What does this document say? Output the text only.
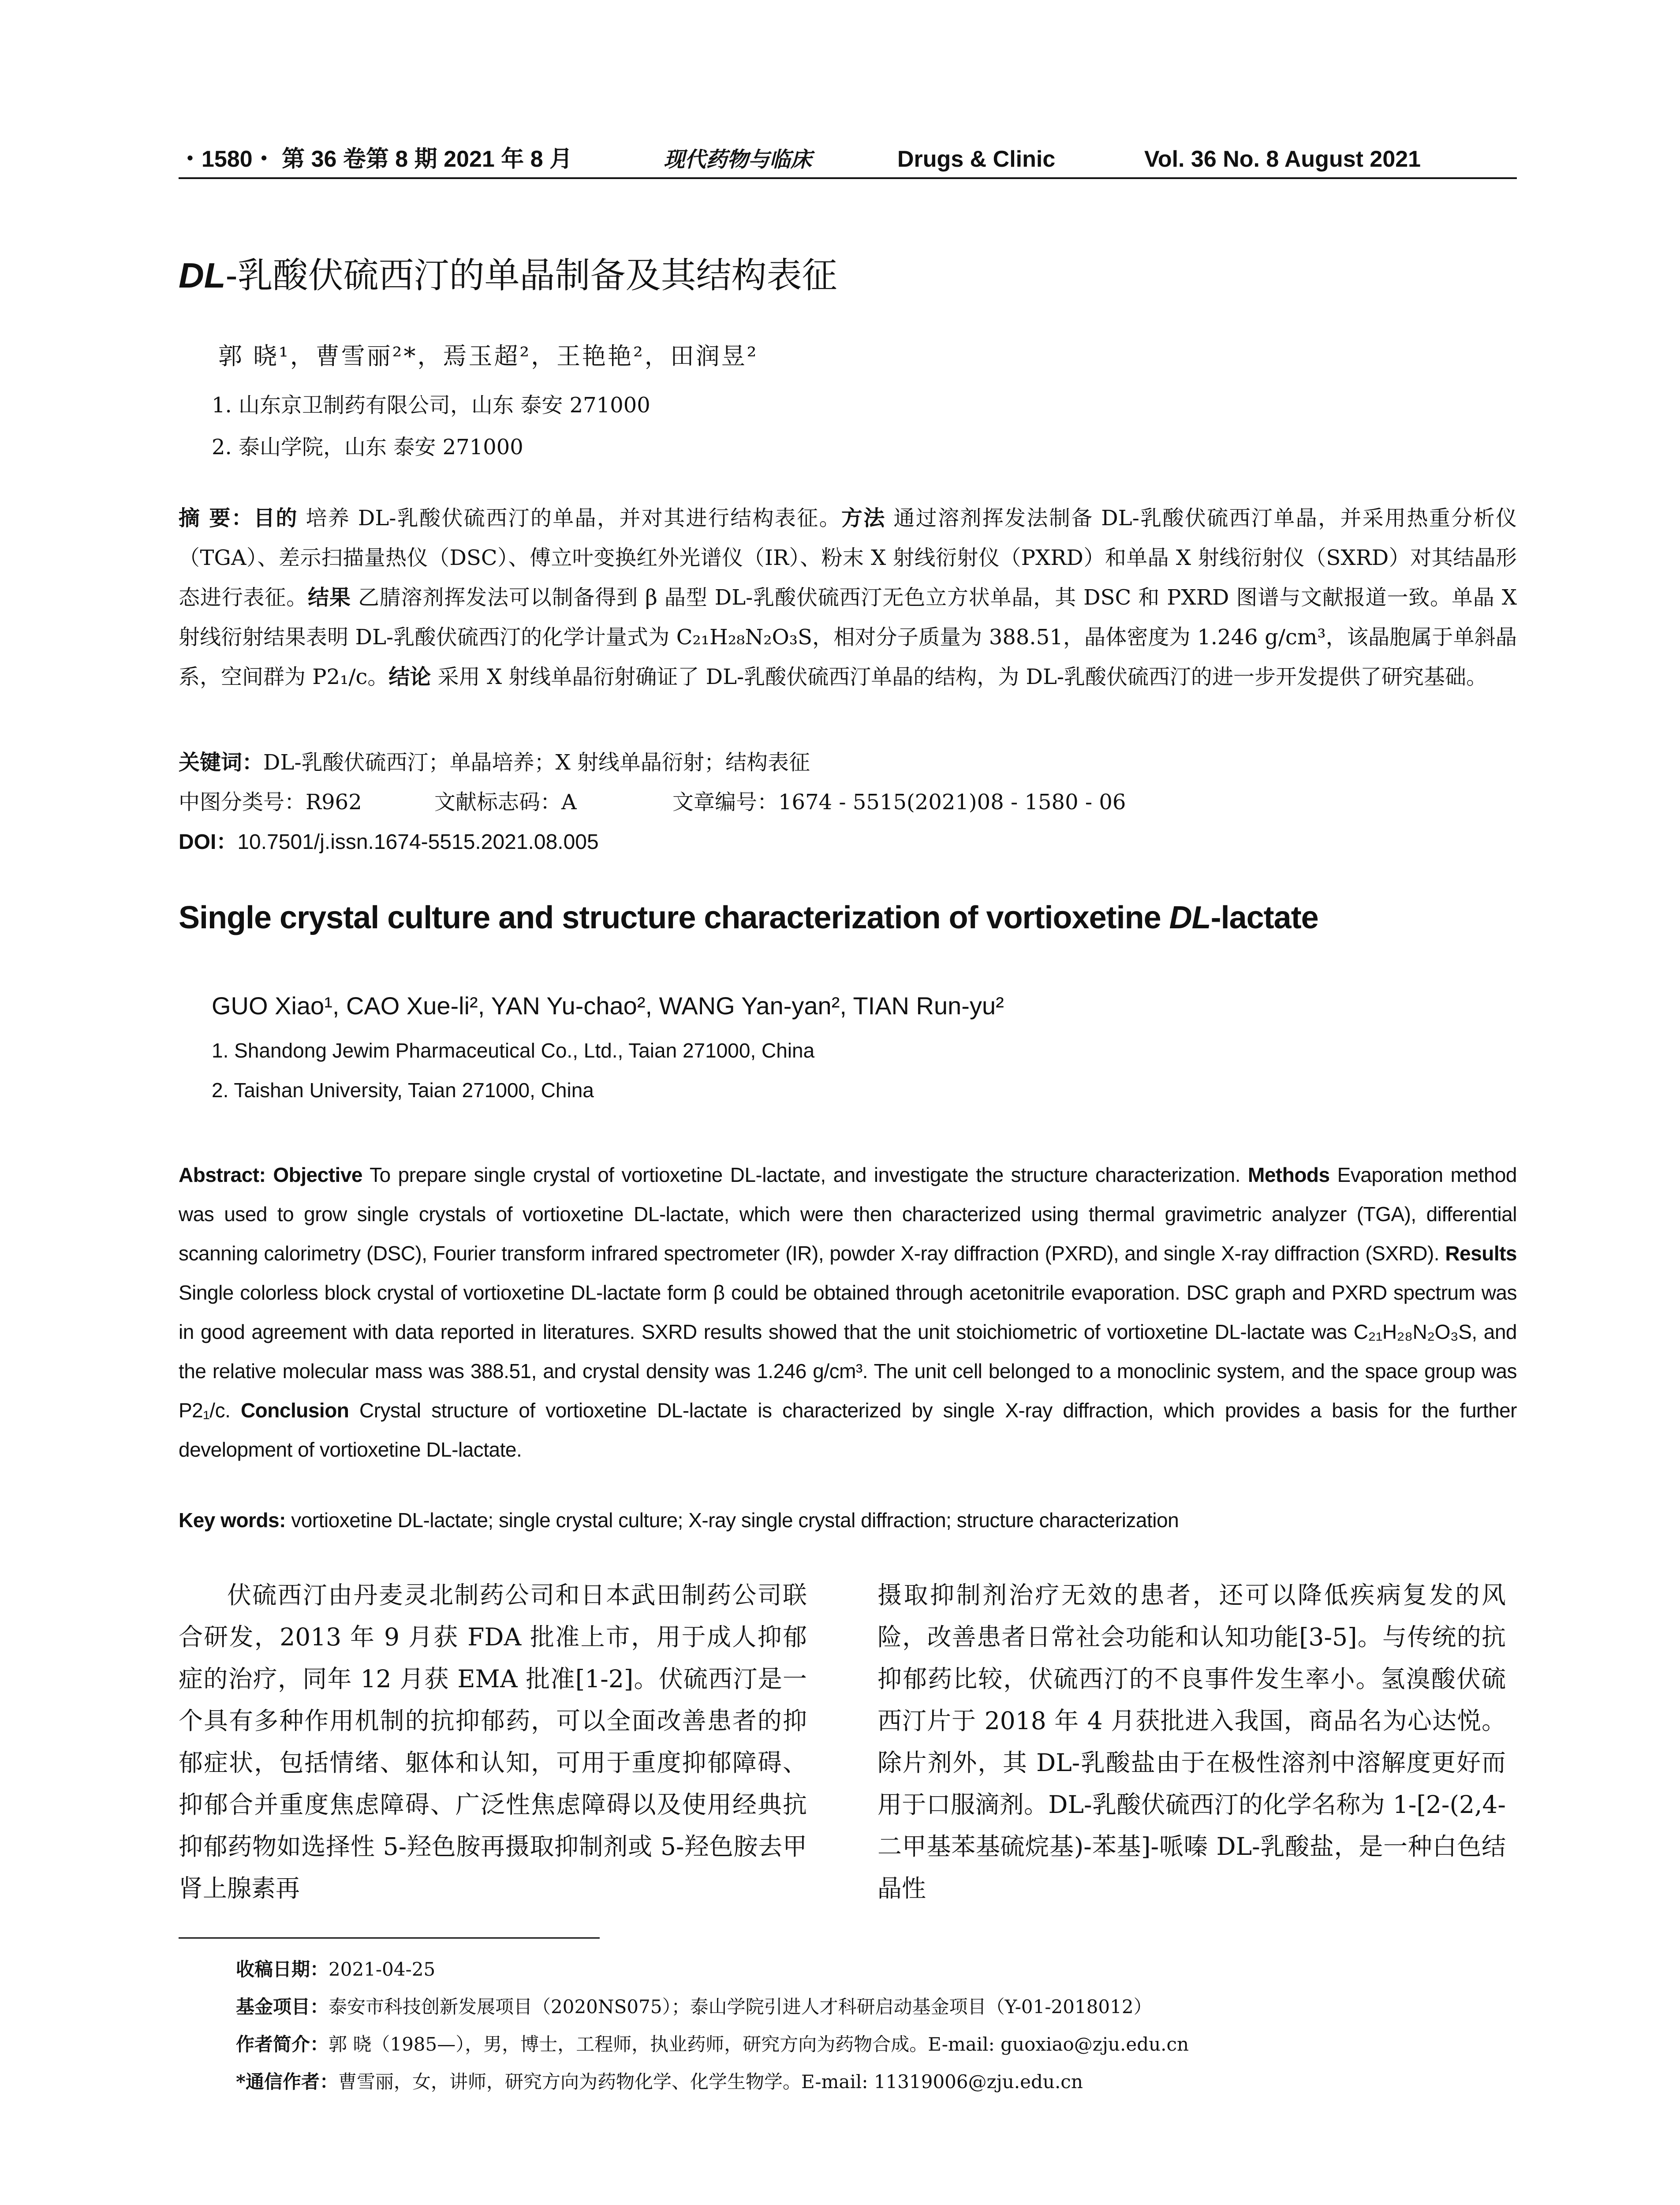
・1580・ 第 36 卷第 8 期 2021 年 8 月	现代药物与临床	Drugs & Clinic	Vol. 36 No. 8 August 2021
DL-乳酸伏硫西汀的单晶制备及其结构表征
郭 晓¹，曹雪丽²*，焉玉超²，王艳艳²，田润昱²
1. 山东京卫制药有限公司，山东 泰安 271000
2. 泰山学院，山东 泰安 271000
摘 要：目的 培养 DL-乳酸伏硫西汀的单晶，并对其进行结构表征。方法 通过溶剂挥发法制备 DL-乳酸伏硫西汀单晶，并采用热重分析仪（TGA）、差示扫描量热仪（DSC）、傅立叶变换红外光谱仪（IR）、粉末 X 射线衍射仪（PXRD）和单晶 X 射线衍射仪（SXRD）对其结晶形态进行表征。结果 乙腈溶剂挥发法可以制备得到 β 晶型 DL-乳酸伏硫西汀无色立方状单晶，其 DSC 和 PXRD 图谱与文献报道一致。单晶 X 射线衍射结果表明 DL-乳酸伏硫西汀的化学计量式为 C₂₁H₂₈N₂O₃S，相对分子质量为 388.51，晶体密度为 1.246 g/cm³，该晶胞属于单斜晶系，空间群为 P2₁/c。结论 采用 X 射线单晶衍射确证了 DL-乳酸伏硫西汀单晶的结构，为 DL-乳酸伏硫西汀的进一步开发提供了研究基础。
关键词：DL-乳酸伏硫西汀；单晶培养；X 射线单晶衍射；结构表征
中图分类号：R962	文献标志码：A	文章编号：1674 - 5515(2021)08 - 1580 - 06
DOI：10.7501/j.issn.1674-5515.2021.08.005
Single crystal culture and structure characterization of vortioxetine DL-lactate
GUO Xiao¹, CAO Xue-li², YAN Yu-chao², WANG Yan-yan², TIAN Run-yu²
1. Shandong Jewim Pharmaceutical Co., Ltd., Taian 271000, China
2. Taishan University, Taian 271000, China
Abstract: Objective To prepare single crystal of vortioxetine DL-lactate, and investigate the structure characterization. Methods Evaporation method was used to grow single crystals of vortioxetine DL-lactate, which were then characterized using thermal gravimetric analyzer (TGA), differential scanning calorimetry (DSC), Fourier transform infrared spectrometer (IR), powder X-ray diffraction (PXRD), and single X-ray diffraction (SXRD). Results Single colorless block crystal of vortioxetine DL-lactate form β could be obtained through acetonitrile evaporation. DSC graph and PXRD spectrum was in good agreement with data reported in literatures. SXRD results showed that the unit stoichiometric of vortioxetine DL-lactate was C₂₁H₂₈N₂O₃S, and the relative molecular mass was 388.51, and crystal density was 1.246 g/cm³. The unit cell belonged to a monoclinic system, and the space group was P2₁/c. Conclusion Crystal structure of vortioxetine DL-lactate is characterized by single X-ray diffraction, which provides a basis for the further development of vortioxetine DL-lactate.
Key words: vortioxetine DL-lactate; single crystal culture; X-ray single crystal diffraction; structure characterization
伏硫西汀由丹麦灵北制药公司和日本武田制药公司联合研发，2013 年 9 月获 FDA 批准上市，用于成人抑郁症的治疗，同年 12 月获 EMA 批准[1-2]。伏硫西汀是一个具有多种作用机制的抗抑郁药，可以全面改善患者的抑郁症状，包括情绪、躯体和认知，可用于重度抑郁障碍、抑郁合并重度焦虑障碍、广泛性焦虑障碍以及使用经典抗抑郁药物如选择性 5-羟色胺再摄取抑制剂或 5-羟色胺去甲肾上腺素再
摄取抑制剂治疗无效的患者，还可以降低疾病复发的风险，改善患者日常社会功能和认知功能[3-5]。与传统的抗抑郁药比较，伏硫西汀的不良事件发生率小。氢溴酸伏硫西汀片于 2018 年 4 月获批进入我国，商品名为心达悦。除片剂外，其 DL-乳酸盐由于在极性溶剂中溶解度更好而用于口服滴剂。DL-乳酸伏硫西汀的化学名称为 1-[2-(2,4-二甲基苯基硫烷基)-苯基]-哌嗪 DL-乳酸盐，是一种白色结晶性
收稿日期：2021-04-25
基金项目：泰安市科技创新发展项目（2020NS075）；泰山学院引进人才科研启动基金项目（Y-01-2018012）
作者简介：郭 晓（1985—），男，博士，工程师，执业药师，研究方向为药物合成。E-mail: guoxiao@zju.edu.cn
*通信作者：曹雪丽，女，讲师，研究方向为药物化学、化学生物学。E-mail: 11319006@zju.edu.cn
